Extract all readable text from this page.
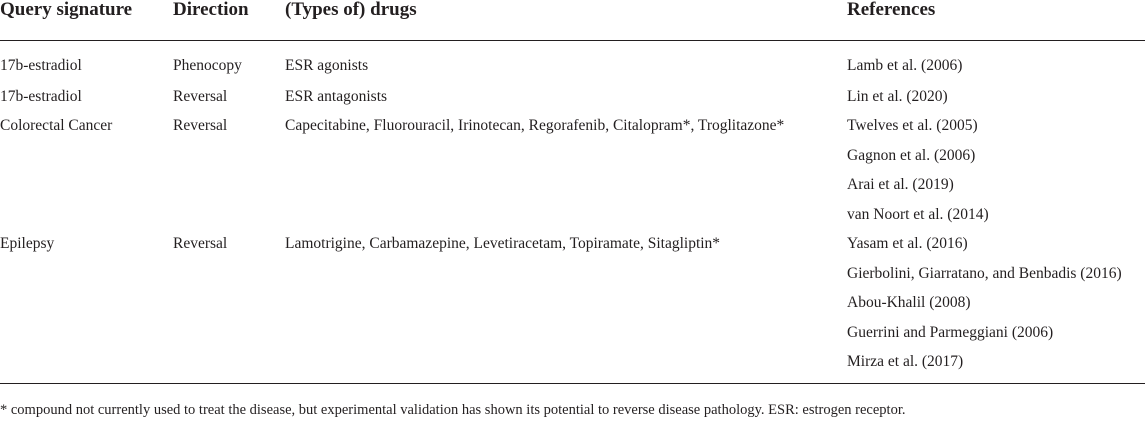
Query signature	Direction	(Types of) drugs	References

17b-estradiol	Phenocopy	ESR agonists	Lamb et al. (2006)
17b-estradiol	Reversal	ESR antagonists	Lin et al. (2020)
Colorectal Cancer	Reversal	Capecitabine, Fluorouracil, Irinotecan, Regorafenib, Citalopram*, Troglitazone*	Twelves et al. (2005)
			Gagnon et al. (2006)
			Arai et al. (2019)
			van Noort et al. (2014)
Epilepsy	Reversal	Lamotrigine, Carbamazepine, Levetiracetam, Topiramate, Sitagliptin*	Yasam et al. (2016)
			Gierbolini, Giarratano, and Benbadis (2016)
			Abou-Khalil (2008)
			Guerrini and Parmeggiani (2006)
			Mirza et al. (2017)
* compound not currently used to treat the disease, but experimental validation has shown its potential to reverse disease pathology. ESR: estrogen receptor.			
